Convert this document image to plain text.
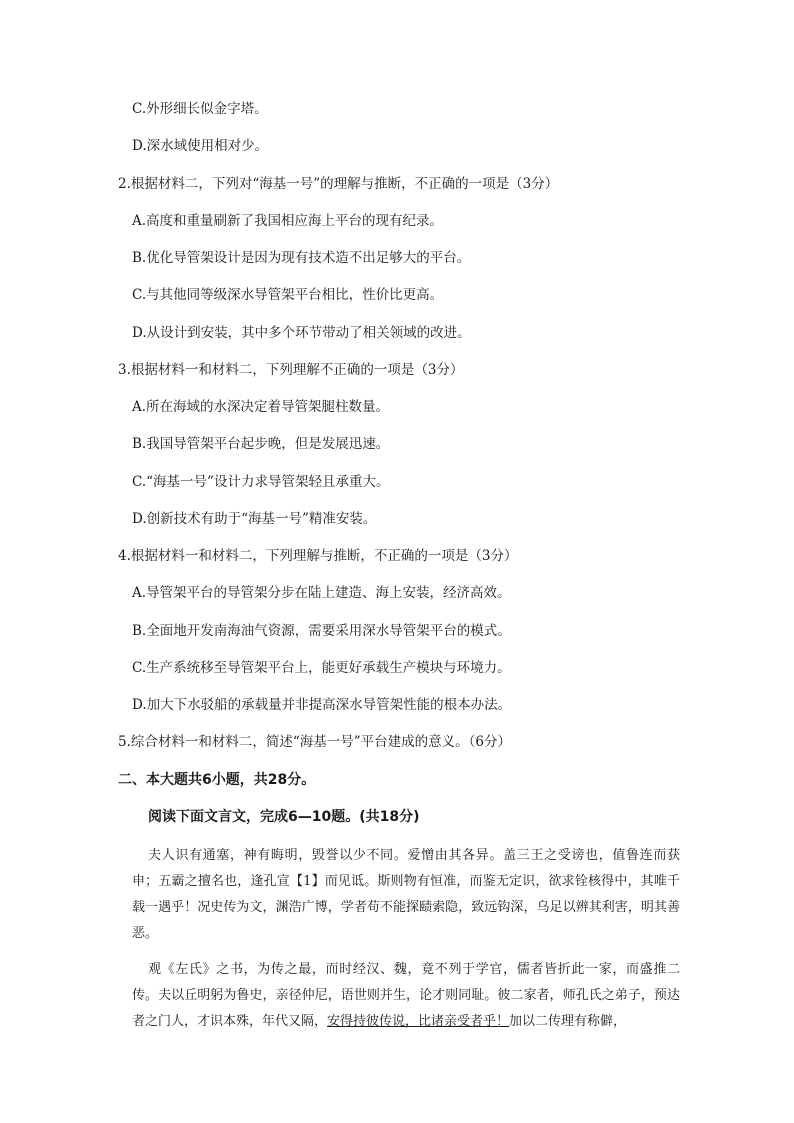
C.外形细长似金字塔。
D.深水域使用相对少。
2.根据材料二，下列对“海基一号”的理解与推断，不正确的一项是（3分）
A.高度和重量刷新了我国相应海上平台的现有纪录。
B.优化导管架设计是因为现有技术造不出足够大的平台。
C.与其他同等级深水导管架平台相比，性价比更高。
D.从设计到安装，其中多个环节带动了相关领域的改进。
3.根据材料一和材料二，下列理解不正确的一项是（3分）
A.所在海域的水深决定着导管架腿柱数量。
B.我国导管架平台起步晚，但是发展迅速。
C.“海基一号”设计力求导管架轻且承重大。
D.创新技术有助于“海基一号”精准安装。
4.根据材料一和材料二，下列理解与推断，不正确的一项是（3分）
A.导管架平台的导管架分步在陆上建造、海上安装，经济高效。
B.全面地开发南海油气资源，需要采用深水导管架平台的模式。
C.生产系统移至导管架平台上，能更好承载生产模块与环境力。
D.加大下水驳船的承载量并非提高深水导管架性能的根本办法。
5.综合材料一和材料二，简述“海基一号”平台建成的意义。（6分）
二、本大题共6小题，共28分。
阅读下面文言文，完成6—10题。(共18分)

夫人识有通塞，神有晦明，毁誉以少不同。爱憎由其各异。盖三王之受谤也，值鲁连而获申；五霸之擅名也，逢孔宣【1】而见诋。斯则物有恒准，而鉴无定识，欲求铨核得中，其唯千载一遇乎！况史传为文，渊浩广博，学者苟不能探赜索隐，致远钩深，乌足以辨其利害，明其善恶。

观《左氏》之书，为传之最，而时经汉、魏，竟不列于学官，儒者皆折此一家，而盛推二传。夫以丘明躬为鲁史，亲径仲尼，语世则并生，论才则同耻。彼二家者，师孔氏之弟子，预达者之门人，才识本殊，年代又隔，安得持彼传说，比诸亲受者乎！加以二传理有称僻，
